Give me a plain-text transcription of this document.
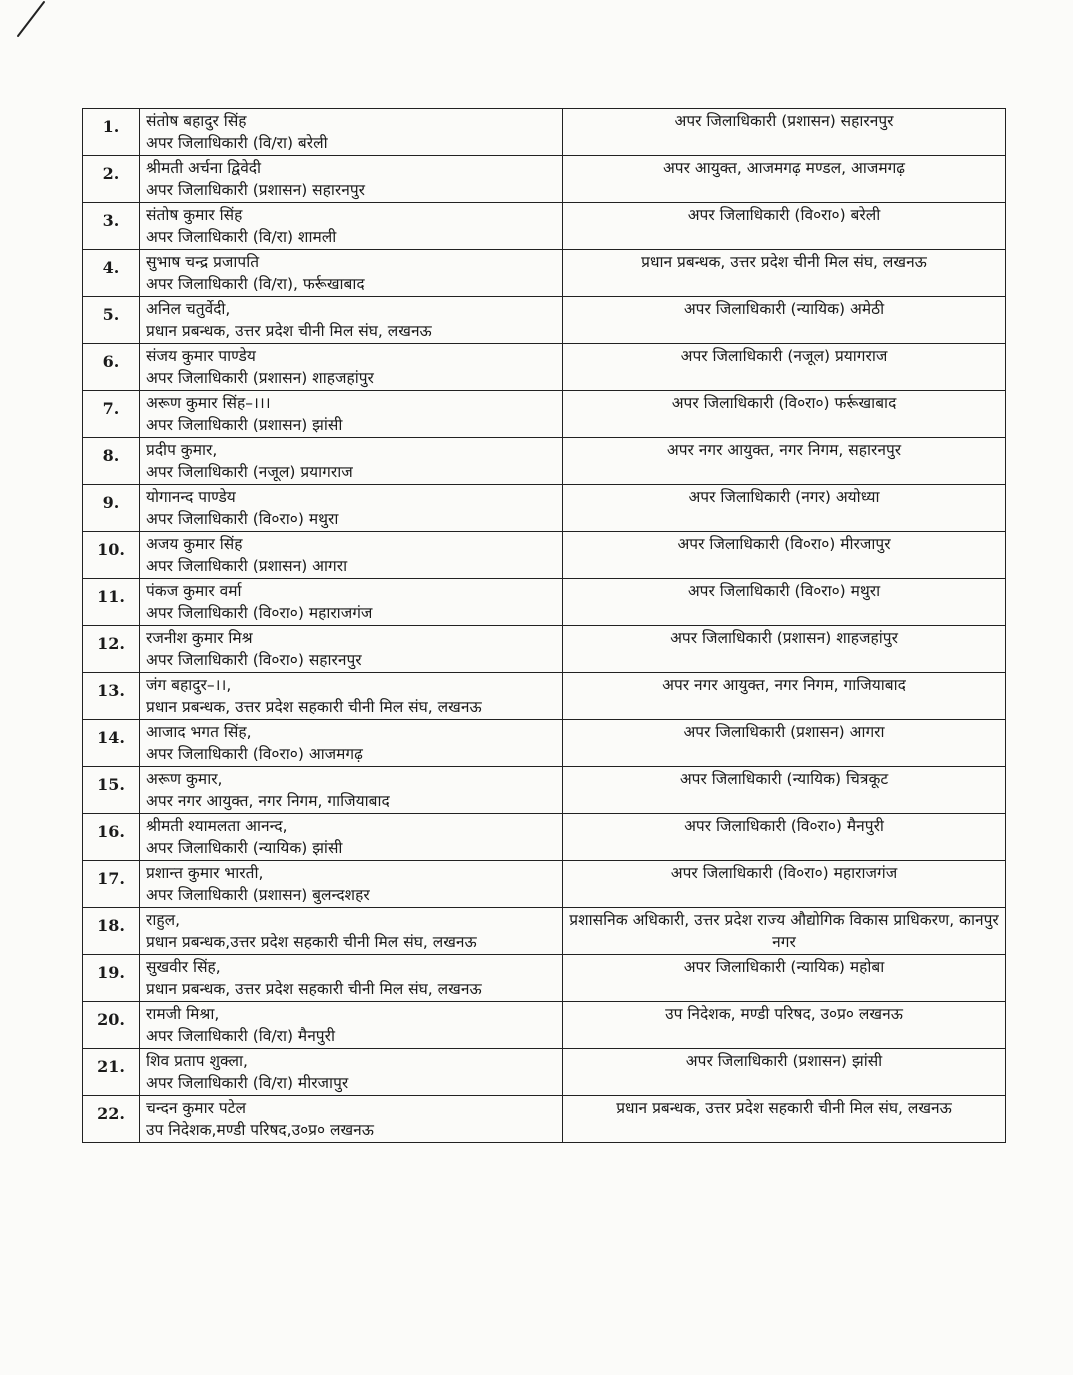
1.	संतोष बहादुर सिंह
अपर जिलाधिकारी (वि/रा) बरेली	अपर जिलाधिकारी (प्रशासन) सहारनपुर

2.	श्रीमती अर्चना द्विवेदी
अपर जिलाधिकारी (प्रशासन) सहारनपुर	अपर आयुक्त, आजमगढ़ मण्डल, आजमगढ़

3.	संतोष कुमार सिंह
अपर जिलाधिकारी (वि/रा) शामली	अपर जिलाधिकारी (वि०रा०) बरेली

4.	सुभाष चन्द्र प्रजापति
अपर जिलाधिकारी (वि/रा), फर्रूखाबाद	प्रधान प्रबन्धक, उत्तर प्रदेश चीनी मिल संघ, लखनऊ

5.	अनिल चतुर्वेदी,
प्रधान प्रबन्धक, उत्तर प्रदेश चीनी मिल संघ, लखनऊ	अपर जिलाधिकारी (न्यायिक) अमेठी

6.	संजय कुमार पाण्डेय
अपर जिलाधिकारी (प्रशासन) शाहजहांपुर	अपर जिलाधिकारी (नजूल) प्रयागराज

7.	अरूण कुमार सिंह–।।।
अपर जिलाधिकारी (प्रशासन) झांसी	अपर जिलाधिकारी (वि०रा०) फर्रूखाबाद

8.	प्रदीप कुमार,
अपर जिलाधिकारी (नजूल) प्रयागराज	अपर नगर आयुक्त, नगर निगम, सहारनपुर

9.	योगानन्द पाण्डेय
अपर जिलाधिकारी (वि०रा०) मथुरा	अपर जिलाधिकारी (नगर) अयोध्या

10.	अजय कुमार सिंह
अपर जिलाधिकारी (प्रशासन) आगरा	अपर जिलाधिकारी (वि०रा०) मीरजापुर

11.	पंकज कुमार वर्मा
अपर जिलाधिकारी (वि०रा०) महाराजगंज	अपर जिलाधिकारी (वि०रा०) मथुरा

12.	रजनीश कुमार मिश्र
अपर जिलाधिकारी (वि०रा०) सहारनपुर	अपर जिलाधिकारी (प्रशासन) शाहजहांपुर

13.	जंग बहादुर–।।,
प्रधान प्रबन्धक, उत्तर प्रदेश सहकारी चीनी मिल संघ, लखनऊ	अपर नगर आयुक्त, नगर निगम, गाजियाबाद

14.	आजाद भगत सिंह,
अपर जिलाधिकारी (वि०रा०) आजमगढ़	अपर जिलाधिकारी (प्रशासन) आगरा

15.	अरूण कुमार,
अपर नगर आयुक्त, नगर निगम, गाजियाबाद	अपर जिलाधिकारी (न्यायिक) चित्रकूट

16.	श्रीमती श्यामलता आनन्द,
अपर जिलाधिकारी (न्यायिक) झांसी	अपर जिलाधिकारी (वि०रा०) मैनपुरी

17.	प्रशान्त कुमार भारती,
अपर जिलाधिकारी (प्रशासन) बुलन्दशहर	अपर जिलाधिकारी (वि०रा०) महाराजगंज

18.	राहुल,
प्रधान प्रबन्धक,उत्तर प्रदेश सहकारी चीनी मिल संघ, लखनऊ	प्रशासनिक अधिकारी, उत्तर प्रदेश राज्य औद्योगिक विकास प्राधिकरण, कानपुर नगर

19.	सुखवीर सिंह,
प्रधान प्रबन्धक, उत्तर प्रदेश सहकारी चीनी मिल संघ, लखनऊ	अपर जिलाधिकारी (न्यायिक) महोबा

20.	रामजी मिश्रा,
अपर जिलाधिकारी (वि/रा) मैनपुरी	उप निदेशक, मण्डी परिषद, उ०प्र० लखनऊ

21.	शिव प्रताप शुक्ला,
अपर जिलाधिकारी (वि/रा) मीरजापुर	अपर जिलाधिकारी (प्रशासन) झांसी

22.	चन्दन कुमार पटेल
उप निदेशक,मण्डी परिषद,उ०प्र० लखनऊ	प्रधान प्रबन्धक, उत्तर प्रदेश सहकारी चीनी मिल संघ, लखनऊ
